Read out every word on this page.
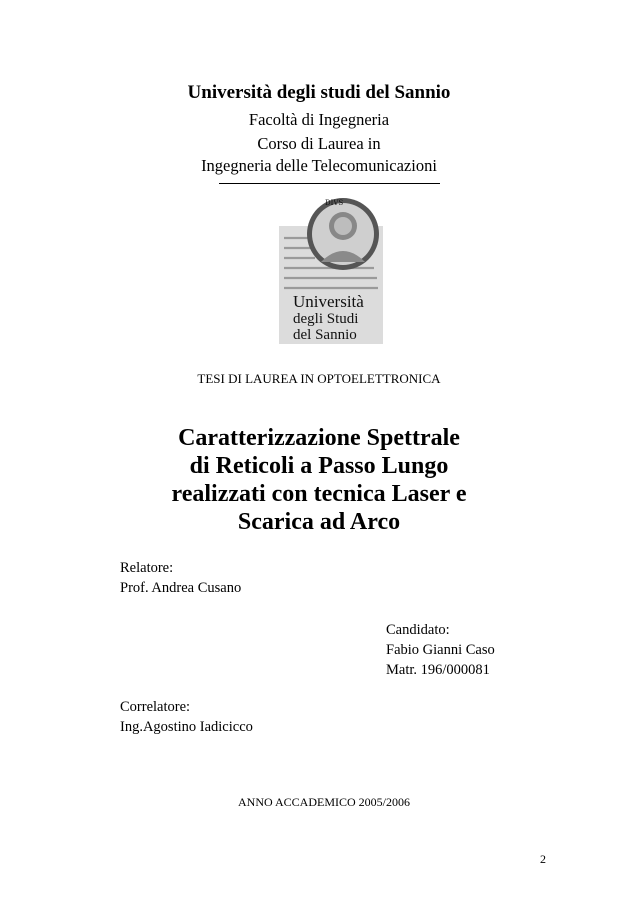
Università degli studi del Sannio
Facoltà di Ingegneria
Corso di Laurea in
Ingegneria delle Telecomunicazioni
DIVS
Università
degli Studi
del Sannio
TESI DI LAUREA IN OPTOELETTRONICA
Caratterizzazione Spettrale
di Reticoli a Passo Lungo
realizzati con tecnica Laser e
Scarica ad Arco
Relatore:
Prof. Andrea Cusano
Candidato:
Fabio Gianni Caso
Matr. 196/000081
Correlatore:
Ing.Agostino Iadicicco
ANNO ACCADEMICO 2005/2006
2
